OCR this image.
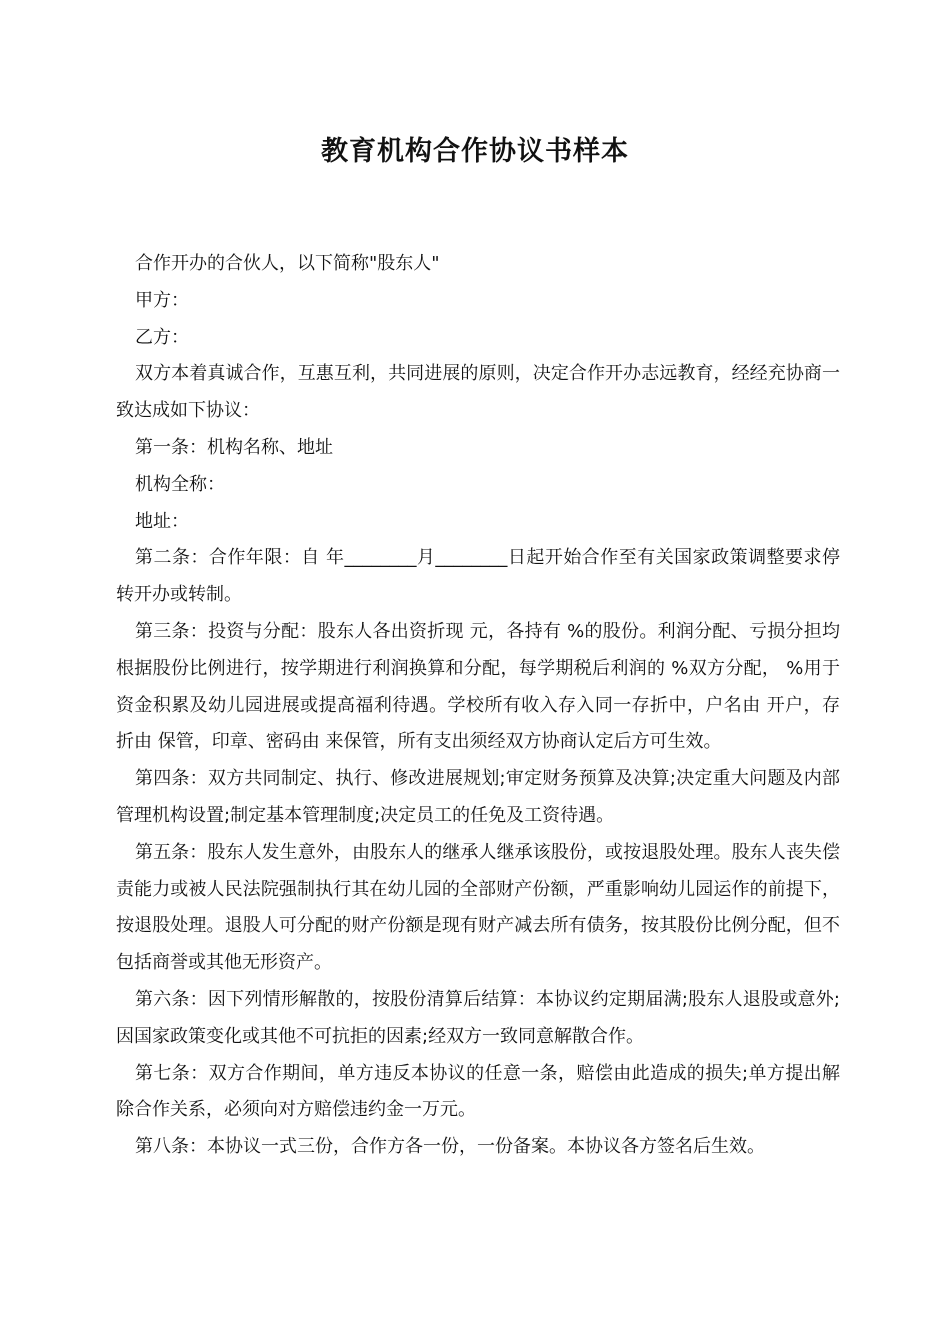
教育机构合作协议书样本

合作开办的合伙人，以下简称"股东人"

甲方：

乙方：

双方本着真诚合作，互惠互利，共同进展的原则，决定合作开办志远教育，经经充协商一致达成如下协议：

第一条：机构名称、地址

机构全称：

地址：

第二条：合作年限：自 年________月________日起开始合作至有关国家政策调整要求停转开办或转制。

第三条：投资与分配：股东人各出资折现 元，各持有 %的股份。利润分配、亏损分担均根据股份比例进行，按学期进行利润换算和分配，每学期税后利润的 %双方分配， %用于资金积累及幼儿园进展或提高福利待遇。学校所有收入存入同一存折中，户名由 开户，存折由 保管，印章、密码由 来保管，所有支出须经双方协商认定后方可生效。

第四条：双方共同制定、执行、修改进展规划;审定财务预算及决算;决定重大问题及内部管理机构设置;制定基本管理制度;决定员工的任免及工资待遇。

第五条：股东人发生意外，由股东人的继承人继承该股份，或按退股处理。股东人丧失偿责能力或被人民法院强制执行其在幼儿园的全部财产份额，严重影响幼儿园运作的前提下，按退股处理。退股人可分配的财产份额是现有财产减去所有债务，按其股份比例分配，但不包括商誉或其他无形资产。

第六条：因下列情形解散的，按股份清算后结算：本协议约定期届满;股东人退股或意外;因国家政策变化或其他不可抗拒的因素;经双方一致同意解散合作。

第七条：双方合作期间，单方违反本协议的任意一条，赔偿由此造成的损失;单方提出解除合作关系，必须向对方赔偿违约金一万元。

第八条：本协议一式三份，合作方各一份，一份备案。本协议各方签名后生效。
